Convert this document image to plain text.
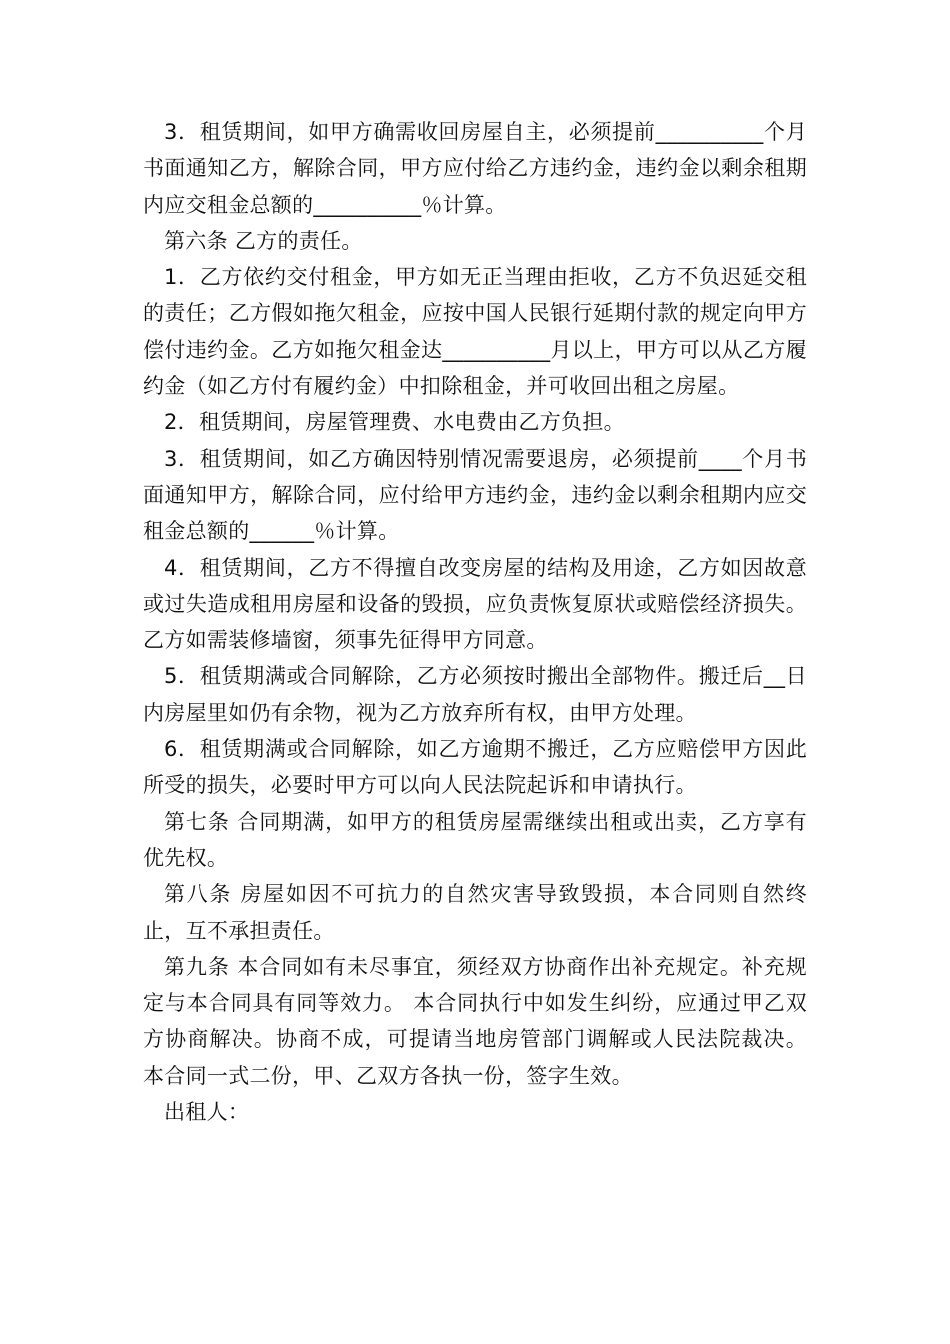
3．租赁期间，如甲方确需收回房屋自主，必须提前__________个月书面通知乙方，解除合同，甲方应付给乙方违约金，违约金以剩余租期内应交租金总额的__________％计算。

第六条 乙方的责任。

1．乙方依约交付租金，甲方如无正当理由拒收，乙方不负迟延交租的责任；乙方假如拖欠租金，应按中国人民银行延期付款的规定向甲方偿付违约金。乙方如拖欠租金达__________月以上，甲方可以从乙方履约金（如乙方付有履约金）中扣除租金，并可收回出租之房屋。

2．租赁期间，房屋管理费、水电费由乙方负担。

3．租赁期间，如乙方确因特别情况需要退房，必须提前____个月书面通知甲方，解除合同，应付给甲方违约金，违约金以剩余租期内应交租金总额的______％计算。

4．租赁期间，乙方不得擅自改变房屋的结构及用途，乙方如因故意或过失造成租用房屋和设备的毁损，应负责恢复原状或赔偿经济损失。乙方如需装修墙窗，须事先征得甲方同意。

5．租赁期满或合同解除，乙方必须按时搬出全部物件。搬迁后__日内房屋里如仍有余物，视为乙方放弃所有权，由甲方处理。

6．租赁期满或合同解除，如乙方逾期不搬迁，乙方应赔偿甲方因此所受的损失，必要时甲方可以向人民法院起诉和申请执行。

第七条 合同期满，如甲方的租赁房屋需继续出租或出卖，乙方享有优先权。

第八条 房屋如因不可抗力的自然灾害导致毁损，本合同则自然终止，互不承担责任。

第九条 本合同如有未尽事宜，须经双方协商作出补充规定。补充规定与本合同具有同等效力。 本合同执行中如发生纠纷，应通过甲乙双方协商解决。协商不成，可提请当地房管部门调解或人民法院裁决。 本合同一式二份，甲、乙双方各执一份，签字生效。

出租人：
